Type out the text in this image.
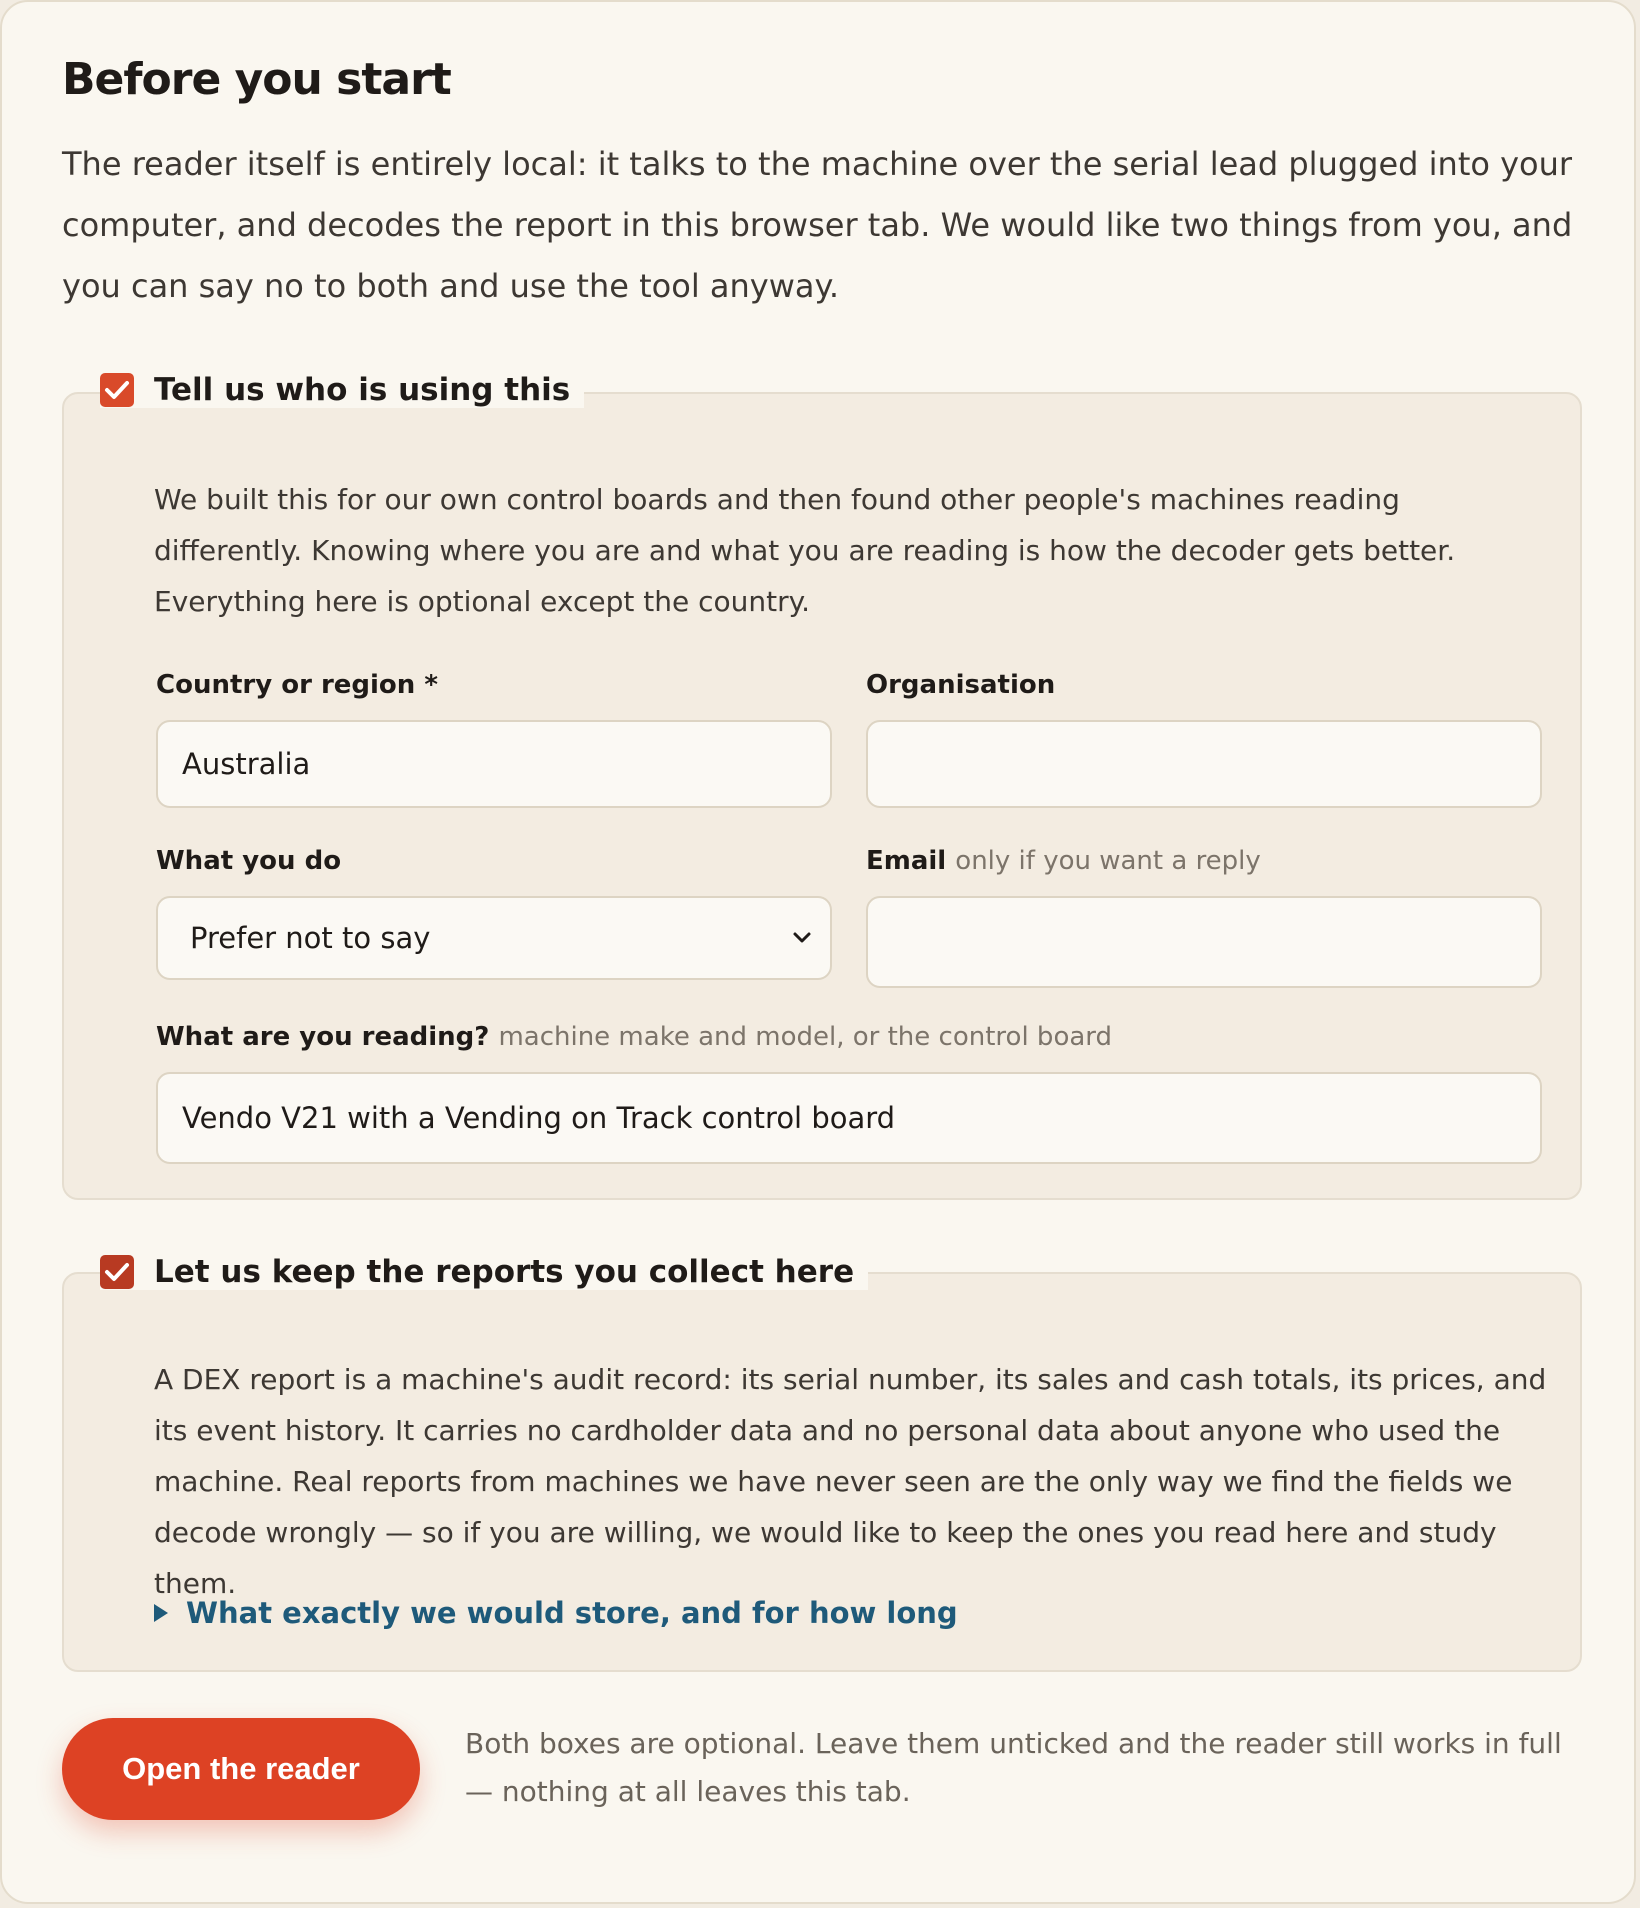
Before you start

The reader itself is entirely local: it talks to the machine over the serial lead plugged into your computer, and decodes the report in this browser tab. We would like two things from you, and you can say no to both and use the tool anyway.

Tell us who is using this

We built this for our own control boards and then found other people's machines reading differently. Knowing where you are and what you are reading is how the decoder gets better. Everything here is optional except the country.

Country or region *
Australia
Organisation
What you do
Prefer not to say
Email only if you want a reply
What are you reading? machine make and model, or the control board
Vendo V21 with a Vending on Track control board
Let us keep the reports you collect here

A DEX report is a machine's audit record: its serial number, its sales and cash totals, its prices, and its event history. It carries no cardholder data and no personal data about anyone who used the machine. Real reports from machines we have never seen are the only way we find the fields we decode wrongly — so if you are willing, we would like to keep the ones you read here and study them.

What exactly we would store, and for how long
Open the reader

Both boxes are optional. Leave them unticked and the reader still works in full — nothing at all leaves this tab.
